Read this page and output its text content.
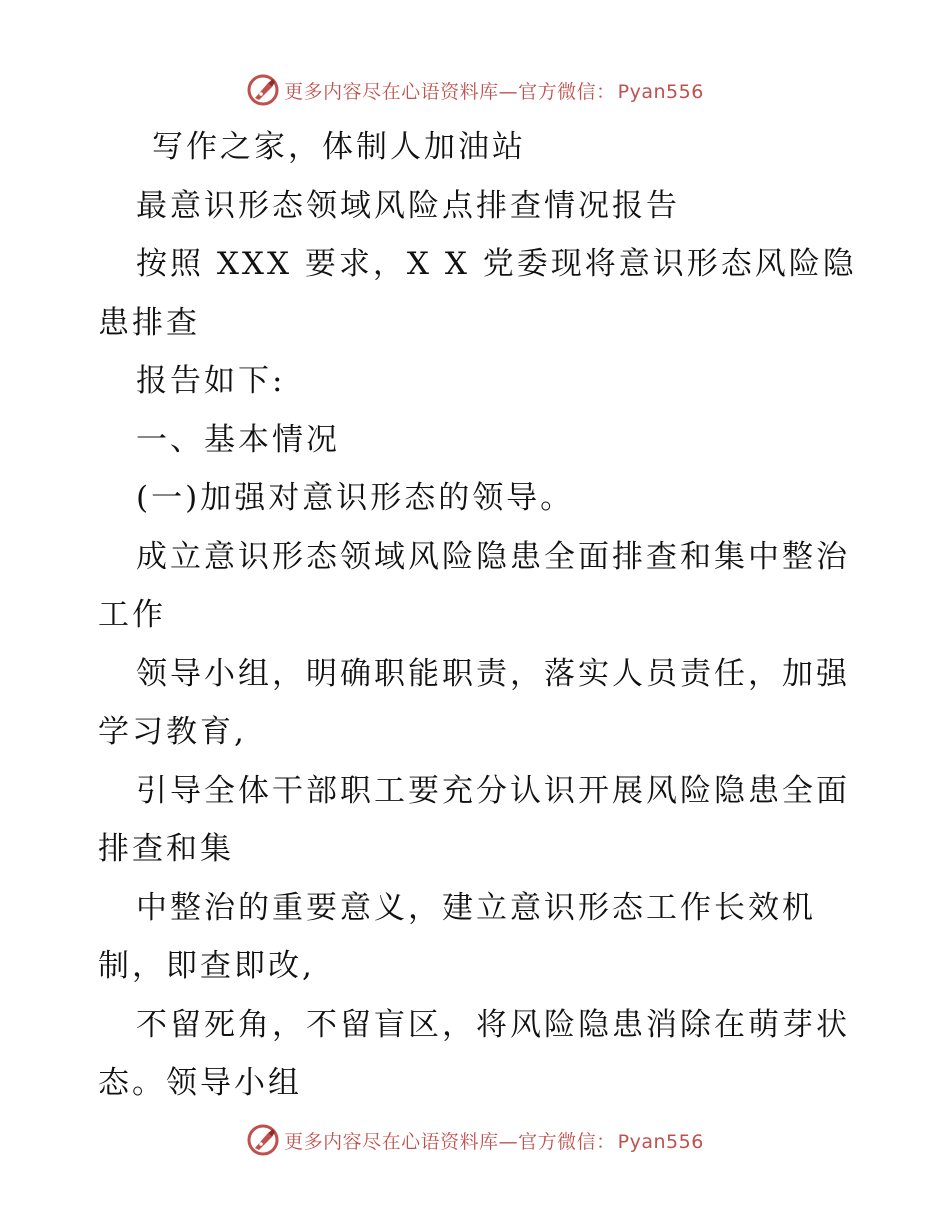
更多内容尽在心语资料库—官方微信： Pyan556
写作之家，体制人加油站
最意识形态领域风险点排查情况报告
按照 XXX 要求，X X 党委现将意识形态风险隐
患排查
报告如下:
一、基本情况
(一)加强对意识形态的领导。
成立意识形态领域风险隐患全面排查和集中整治
工作
领导小组，明确职能职责，落实人员责任，加强
学习教育,
引导全体干部职工要充分认识开展风险隐患全面
排查和集
中整治的重要意义，建立意识形态工作长效机
制，即查即改,
不留死角，不留盲区，将风险隐患消除在萌芽状
态。领导小组
更多内容尽在心语资料库—官方微信： Pyan556
